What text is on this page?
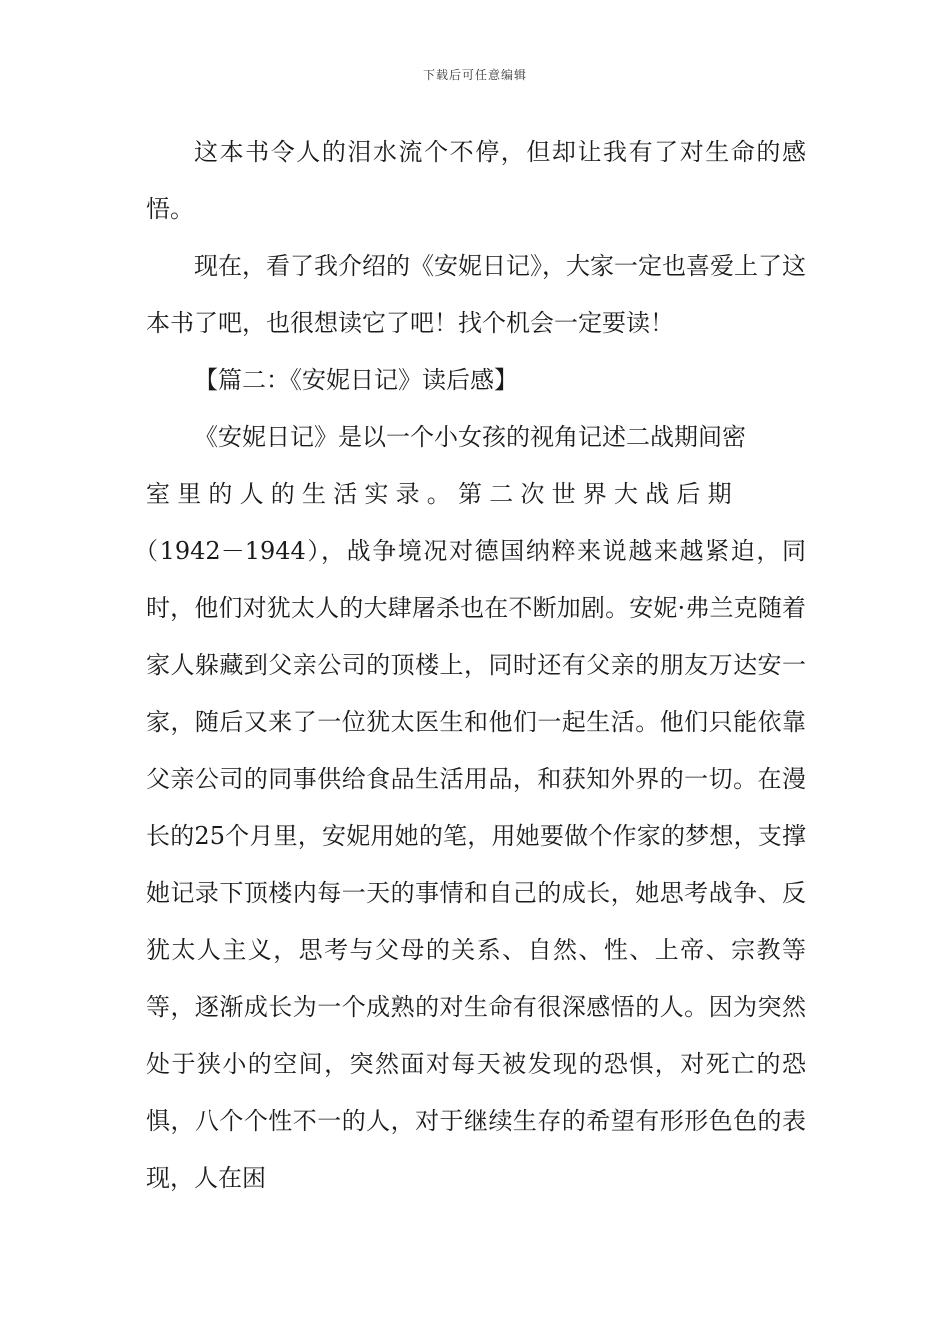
下载后可任意编辑

这本书令人的泪水流个不停，但却让我有了对生命的感悟。

现在，看了我介绍的《安妮日记》，大家一定也喜爱上了这本书了吧，也很想读它了吧！找个机会一定要读！

【篇二：《安妮日记》读后感】

《安妮日记》是以一个小女孩的视角记述二战期间密

室里的人的生活实录。第二次世界大战后期

（1942－1944），战争境况对德国纳粹来说越来越紧迫，同时，他们对犹太人的大肆屠杀也在不断加剧。安妮·弗兰克随着家人躲藏到父亲公司的顶楼上，同时还有父亲的朋友万达安一家，随后又来了一位犹太医生和他们一起生活。他们只能依靠父亲公司的同事供给食品生活用品，和获知外界的一切。在漫长的25个月里，安妮用她的笔，用她要做个作家的梦想，支撑她记录下顶楼内每一天的事情和自己的成长，她思考战争、反犹太人主义，思考与父母的关系、自然、性、上帝、宗教等等，逐渐成长为一个成熟的对生命有很深感悟的人。因为突然处于狭小的空间，突然面对每天被发现的恐惧，对死亡的恐惧，八个个性不一的人，对于继续生存的希望有形形色色的表现，人在困
